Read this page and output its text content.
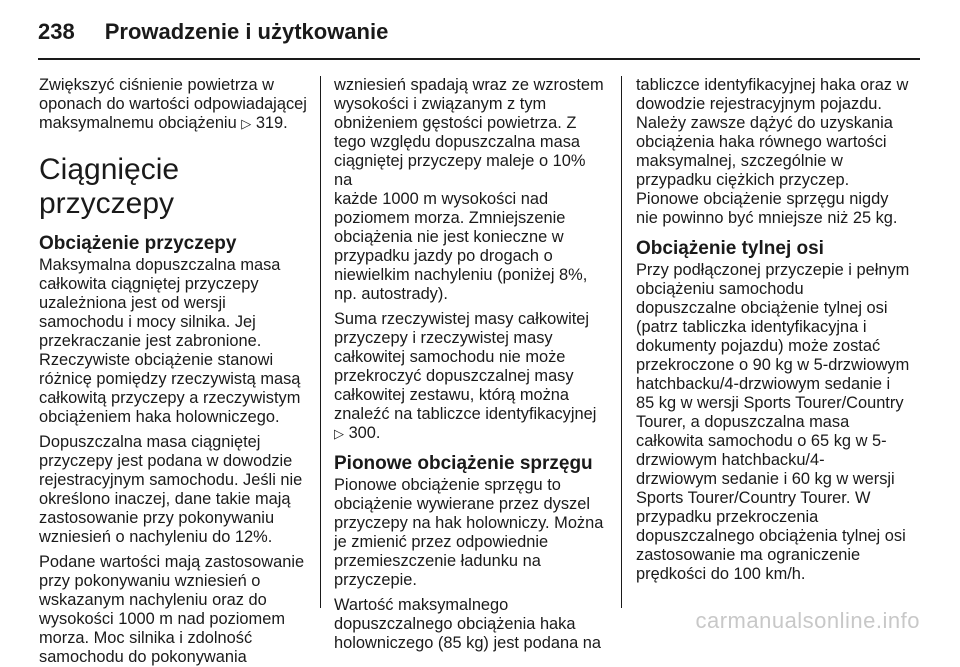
238 Prowadzenie i użytkowanie

Zwiększyć ciśnienie powietrza w
oponach do wartości odpowiadającej
maksymalnemu obciążeniu ▷ 319.

Ciągnięcie przyczepy
Obciążenie przyczepy

Maksymalna dopuszczalna masa
całkowita ciągniętej przyczepy
uzależniona jest od wersji
samochodu i mocy silnika. Jej
przekraczanie jest zabronione.
Rzeczywiste obciążenie stanowi
różnicę pomiędzy rzeczywistą masą
całkowitą przyczepy a rzeczywistym
obciążeniem haka holowniczego.

Dopuszczalna masa ciągniętej
przyczepy jest podana w dowodzie
rejestracyjnym samochodu. Jeśli nie
określono inaczej, dane takie mają
zastosowanie przy pokonywaniu
wzniesień o nachyleniu do 12%.

Podane wartości mają zastosowanie
przy pokonywaniu wzniesień o
wskazanym nachyleniu oraz do
wysokości 1000 m nad poziomem
morza. Moc silnika i zdolność
samochodu do pokonywania

wzniesień spadają wraz ze wzrostem
wysokości i związanym z tym
obniżeniem gęstości powietrza. Z
tego względu dopuszczalna masa
ciągniętej przyczepy maleje o 10% na
każde 1000 m wysokości nad
poziomem morza. Zmniejszenie
obciążenia nie jest konieczne w
przypadku jazdy po drogach o
niewielkim nachyleniu (poniżej 8%,
np. autostrady).

Suma rzeczywistej masy całkowitej
przyczepy i rzeczywistej masy
całkowitej samochodu nie może
przekroczyć dopuszczalnej masy
całkowitej zestawu, którą można
znaleźć na tabliczce identyfikacyjnej
▷ 300.

Pionowe obciążenie sprzęgu

Pionowe obciążenie sprzęgu to
obciążenie wywierane przez dyszel
przyczepy na hak holowniczy. Można
je zmienić przez odpowiednie
przemieszczenie ładunku na
przyczepie.

Wartość maksymalnego
dopuszczalnego obciążenia haka
holowniczego (85 kg) jest podana na

tabliczce identyfikacyjnej haka oraz w
dowodzie rejestracyjnym pojazdu.
Należy zawsze dążyć do uzyskania
obciążenia haka równego wartości
maksymalnej, szczególnie w
przypadku ciężkich przyczep.
Pionowe obciążenie sprzęgu nigdy
nie powinno być mniejsze niż 25 kg.

Obciążenie tylnej osi

Przy podłączonej przyczepie i pełnym
obciążeniu samochodu
dopuszczalne obciążenie tylnej osi
(patrz tabliczka identyfikacyjna i
dokumenty pojazdu) może zostać
przekroczone o 90 kg w 5-drzwiowym
hatchbacku/4-drzwiowym sedanie i
85 kg w wersji Sports Tourer/Country
Tourer, a dopuszczalna masa
całkowita samochodu o 65 kg w 5-
drzwiowym hatchbacku/4-
drzwiowym sedanie i 60 kg w wersji
Sports Tourer/Country Tourer. W
przypadku przekroczenia
dopuszczalnego obciążenia tylnej osi
zastosowanie ma ograniczenie
prędkości do 100 km/h.

carmanualsonline.info
